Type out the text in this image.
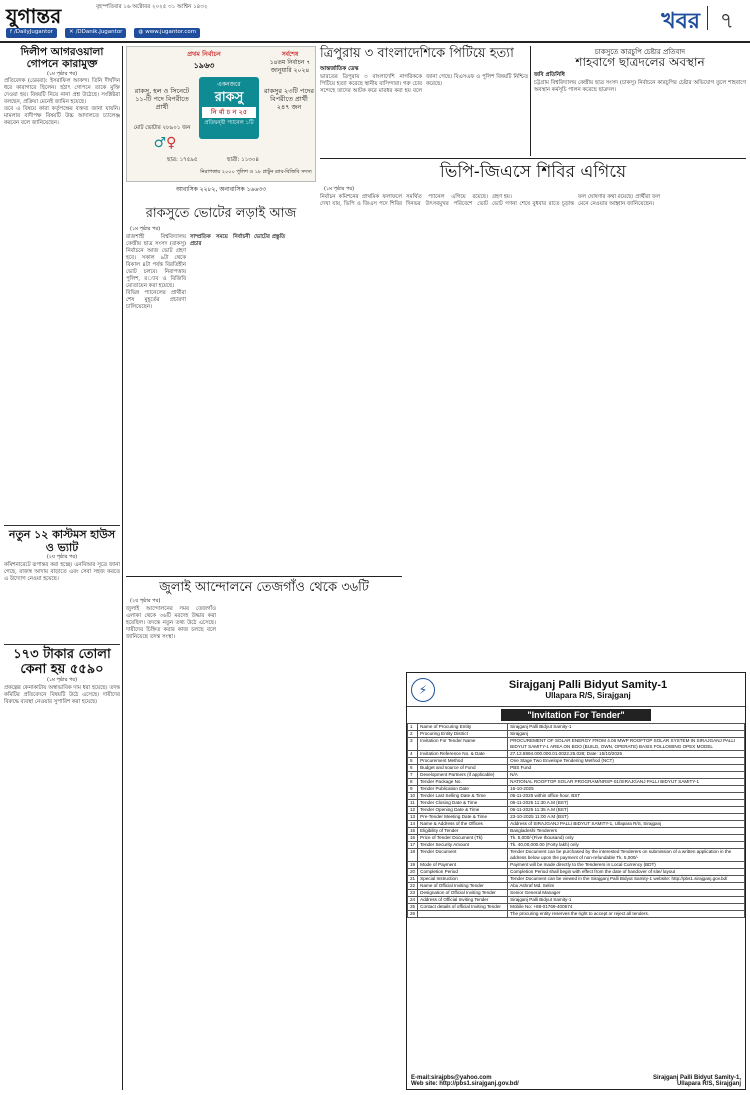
যুগান্তর	বৃহস্পতিবার ১৬ অক্টোবর ২০২৫ ৩১ আশ্বিন ১৪৩২
f /DailyJugantor	✕ /DDanik.Jugantor	◍ www.jugantor.com	খবর ৭
দিলীপ আগরওয়ালা গোপনে কারামুক্ত
(১ম পৃষ্ঠার পর)
প্রতিবেদক (ডেমরা): ইসরাফিল আকন্দ। তিনি দীর্ঘদিন ধরে কারাগারে ছিলেন। হঠাৎ গোপনে তাকে মুক্তি দেওয়া হয়। বিষয়টি নিয়ে নানা প্রশ্ন উঠেছে। সংশ্লিষ্টরা বলছেন, প্রক্রিয়া মেনেই জামিন হয়েছে।
তবে এ বিষয়ে কারা কর্তৃপক্ষের বক্তব্য জানা যায়নি। মামলার বাদীপক্ষ বিষয়টি উচ্চ আদালতে চ্যালেঞ্জ করবেন বলে জানিয়েছেন।
নতুন ১২ কাস্টমস হাউস ও ভ্যাট
(২য় পৃষ্ঠার পর)
কমিশনারেটে রূপান্তর করা হচ্ছে। এনবিআর সূত্রে জানা গেছে, রাজস্ব আদায় বাড়াতে এবং সেবা সহজ করতে এ উদ্যোগ নেওয়া হয়েছে।
১৭৩ টাকার তোলা কেনা হয় ৫৫৯০
(১ম পৃষ্ঠার পর)
প্রকল্পের কেনাকাটায় অস্বাভাবিক দাম ধরা হয়েছে। তদন্ত কমিটির প্রতিবেদনে বিষয়টি উঠে এসেছে। দায়ীদের বিরুদ্ধে ব্যবস্থা নেওয়ার সুপারিশ করা হয়েছে।
প্রথম নির্বাচন
১৯৬৩
সর্বশেষ
১৪তম নির্বাচন ৭ জানুয়ারি ২০২৪
একনজরে
রাকসু
নি র্বা চ ন ২৫
প্রতিদ্বন্দ্বী প্যানেল ১টি
রাকসু, হল ও সিনেটে ১১-টি পদে বিপরীতে প্রার্থী
রাকসুর ২৩টি পদের বিপরীতে প্রার্থী ২৪৭ জন
মোট ভোটার ২৮৯০১ জন
♂♀
ছাত্র: ১৭৫৯৫	ছাত্রী: ১১৩০৪
নিরাপত্তায় ২০০০ পুলিশ ও ১৮ প্লাটুন র‌্যাব-বিজিবি সদস্য
আবাসিক ২২৮২, অনাবাসিক ১৬৬৩৩
রাকসুতে ভোটের লড়াই আজ
(১ম পৃষ্ঠার পর)
রাজশাহী বিশ্ববিদ্যালয় কেন্দ্রীয় ছাত্র সংসদ (রাকসু) নির্বাচনে আজ ভোট গ্রহণ হবে। সকাল ৯টা থেকে বিকাল ৪টা পর্যন্ত বিরতিহীন ভোট চলবে। নিরাপত্তায় পুলিশ, র‌্যাব ও বিজিবি মোতায়েন করা হয়েছে।
বিভিন্ন প্যানেলের প্রার্থীরা শেষ মুহূর্তের প্রচারণা চালিয়েছেন।
সাম্প্রতিক সময়ে নির্বাচনী প্রচার
ভোটের প্রস্তুতি
জুলাই আন্দোলনে তেজগাঁও থেকে ৩৬টি
(২য় পৃষ্ঠার পর)
জুলাই আন্দোলনের সময় তেজগাঁও এলাকা থেকে ৩৬টি মরদেহ উদ্ধার করা হয়েছিল। তদন্তে নতুন তথ্য উঠে এসেছে। দায়ীদের চিহ্নিত করার কাজ চলছে বলে জানিয়েছে তদন্ত সংস্থা।
ত্রিপুরায় ৩ বাংলাদেশিকে পিটিয়ে হত্যা
আন্তর্জাতিক ডেস্ক
ভারতের ত্রিপুরায় ৩ বাংলাদেশি নাগরিককে পিটিয়ে হত্যা করেছে স্থানীয় বাসিন্দারা। গরু চোর সন্দেহে তাদের আটক করে মারধর করা হয় বলে জানা গেছে। বিএসএফ ও পুলিশ বিষয়টি নিশ্চিত করেছে।
চাকসুতে কারচুপি চেষ্টার প্রতিবাদ
শাহবাগে ছাত্রদলের অবস্থান
জবি প্রতিনিধি
চট্টগ্রাম বিশ্ববিদ্যালয় কেন্দ্রীয় ছাত্র সংসদ (চাকসু) নির্বাচনে কারচুপির চেষ্টার অভিযোগ তুলে শাহবাগে অবস্থান কর্মসূচি পালন করেছে ছাত্রদল।
ভিপি-জিএসে শিবির এগিয়ে
(১ম পৃষ্ঠার পর)
নির্বাচন কমিশনের প্রাথমিক ফলাফলে দেখা যায়, ভিপি ও জিএস পদে শিবির সমর্থিত প্যানেল এগিয়ে রয়েছে। দিনভর উৎসবমুখর পরিবেশে ভোট গ্রহণ হয়।
ভোট গণনা শেষে বুধবার রাতে চূড়ান্ত ফল ঘোষণার কথা রয়েছে। প্রার্থীরা ফল মেনে নেওয়ার আহ্বান জানিয়েছেন।
⚡	Sirajganj Palli Bidyut Samity-1
Ullapara R/S, Sirajganj
"Invitation For Tender"
1	Name of Procuring Entity	Sirajganj Palli Bidyut Samity-1
2	Procuring Entity District	Sirajganj
3	Invitation For Tender Name	PROCUREMENT OF SOLAR ENERGY FROM 4.06 MWP ROOFTOP SOLAR SYSTEM IN SIRAJGANJ PALLI BIDYUT SAMITY-1 AREA ON BOO (BUILD, OWN, OPERATE) BASIS FOLLOWING OPEX MODEL
4	Invitation Reference No. & Date	27.12.8894.000.000.01.0022.25.028; Date: 15/10/2025
5	Procurement Method	One Stage Two Envelope Tendering Method (NCT)
6	Budget and source of Fund	PBS Fund
7	Development Partners (if applicable)	N/A
8	Tender Package No.	NATIONAL ROOFTOP SOLAR PROGRAM/NRSP-01/SIRAJGANJ PALLI BIDYUT SAMITY-1
9	Tender Publication Date	16-10-2025
10	Tender Last Selling Date & Time	05-11-2025 within office hour. BST
11	Tender Closing Date & Time	06-11-2025 11:30 A.M (BST)
12	Tender Opening Date & Time	06-11-2025 11:35 A.M (BST)
13	Pre-Tender Meeting Date & Time	23-10-2025 11:00 A.M (BST)
14	Name & Address of the Offices	Address of SIRAJGANJ PALLI BIDYUT SAMITY-1, Ullapara R/S, Sirajganj
15	Eligibility of Tender	Bangladeshi Tenderers
16	Price of Tender Document (Tk)	Tk. 5,000/-(Five thousand) only
17	Tender Security Amount	Tk. 40,00,000.00 (Forty lakh) only
18	Tender Document	Tender Document can be purchased by the interested Tenderers on submission of a written application in the address below upon the payment of non-refundable Tk. 5,000/-
19	Mode of Payment	Payment will be made directly to the Tenderers in Local Currency (BDT)
20	Completion Period	Completion Period shall begin with effect from the date of handover of site/ layout
21	Special Instruction	Tender Document can be viewed in the Sirajganj Palli Bidyut Samity-1 website: http://pbs1.sirajganj.gov.bd/
22	Name of Official Inviting Tender	Abu Ashraf Md. Selim
23	Designation of Official Inviting Tender	Senior General Manager
24	Address of Official Inviting Tender	Sirajganj Palli Bidyut Samity-1
25	Contact details of official Inviting Tender	Mobile No: +88-01769-400674
26		The procuring entity reserves the right to accept or reject all tenders.
E-mail:sirajpbs@yahoo.com
Web site: http://pbs1.sirajganj.gov.bd/
Sirajganj Palli Bidyut Samity-1,
Ullapara R/S, Sirajganj
